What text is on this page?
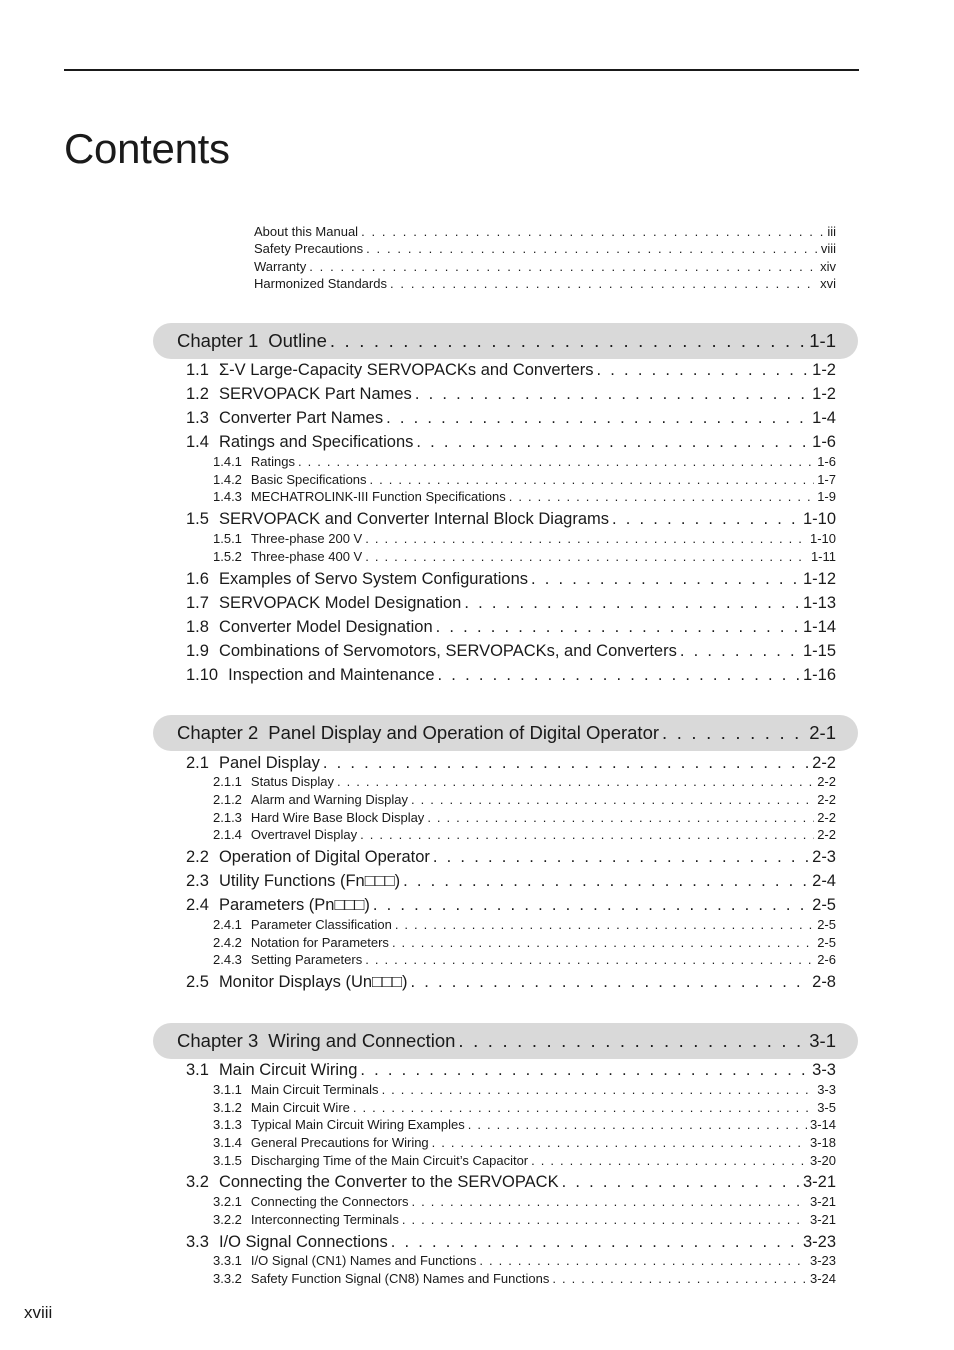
Contents
About this Manual . . .	iii
Safety Precautions . . .	viii
Warranty . . .	xiv
Harmonized Standards . . .	xvi
Chapter 1 Outline . . .	1-1
1.1 Σ-V Large-Capacity SERVOPACKs and Converters . . .	1-2
1.2 SERVOPACK Part Names . . .	1-2
1.3 Converter Part Names . . .	1-4
1.4 Ratings and Specifications . . .	1-6
1.4.1 Ratings . . .	1-6
1.4.2 Basic Specifications . . .	1-7
1.4.3 MECHATROLINK-III Function Specifications . . .	1-9
1.5 SERVOPACK and Converter Internal Block Diagrams . . .	1-10
1.5.1 Three-phase 200 V . . .	1-10
1.5.2 Three-phase 400 V . . .	1-11
1.6 Examples of Servo System Configurations . . .	1-12
1.7 SERVOPACK Model Designation . . .	1-13
1.8 Converter Model Designation . . .	1-14
1.9 Combinations of Servomotors, SERVOPACKs, and Converters . . .	1-15
1.10 Inspection and Maintenance . . .	1-16
Chapter 2 Panel Display and Operation of Digital Operator . . .	2-1
2.1 Panel Display . . .	2-2
2.1.1 Status Display . . .	2-2
2.1.2 Alarm and Warning Display . . .	2-2
2.1.3 Hard Wire Base Block Display . . .	2-2
2.1.4 Overtravel Display . . .	2-2
2.2 Operation of Digital Operator . . .	2-3
2.3 Utility Functions (Fn□□□) . . .	2-4
2.4 Parameters (Pn□□□) . . .	2-5
2.4.1 Parameter Classification . . .	2-5
2.4.2 Notation for Parameters . . .	2-5
2.4.3 Setting Parameters . . .	2-6
2.5 Monitor Displays (Un□□□) . . .	2-8
Chapter 3 Wiring and Connection . . .	3-1
3.1 Main Circuit Wiring . . .	3-3
3.1.1 Main Circuit Terminals . . .	3-3
3.1.2 Main Circuit Wire . . .	3-5
3.1.3 Typical Main Circuit Wiring Examples . . .	3-14
3.1.4 General Precautions for Wiring . . .	3-18
3.1.5 Discharging Time of the Main Circuit’s Capacitor . . .	3-20
3.2 Connecting the Converter to the SERVOPACK . . .	3-21
3.2.1 Connecting the Connectors . . .	3-21
3.2.2 Interconnecting Terminals . . .	3-21
3.3 I/O Signal Connections . . .	3-23
3.3.1 I/O Signal (CN1) Names and Functions . . .	3-23
3.3.2 Safety Function Signal (CN8) Names and Functions . . .	3-24
xviii
